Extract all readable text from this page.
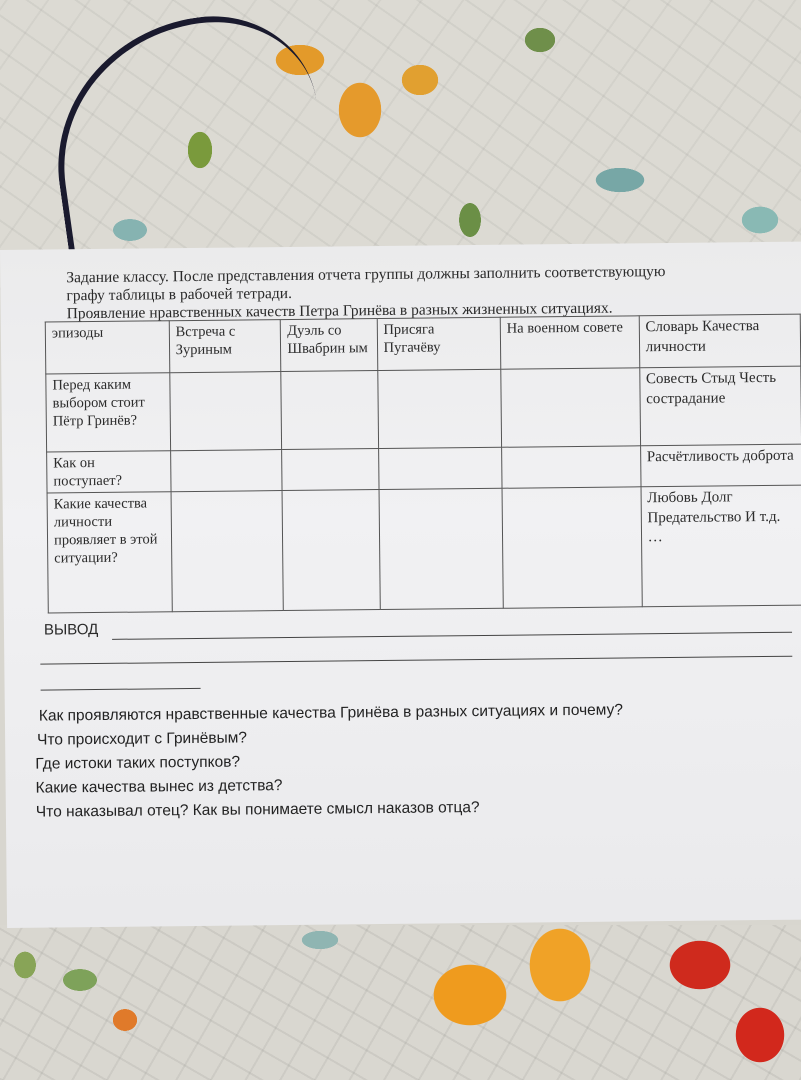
Задание классу. После представления отчета группы должны заполнить соответствующую
графу таблицы в рабочей тетради.
Проявление нравственных качеств Петра Гринёва в разных жизненных ситуациях.
эпизоды	Встреча с Зуриным	Дуэль со Швабрин ым	Присяга Пугачёву	На военном совете	Словарь Качества личности
Перед каким выбором стоит Пётр Гринёв?					Совесть Стыд Честь сострадание
Как он поступает?					Расчётливость доброта
Какие качества личности проявляет в этой ситуации?					Любовь Долг Предательство И т.д. …
ВЫВОД
Как проявляются нравственные качества Гринёва в разных ситуациях и почему?
Что происходит с Гринёвым?
Где истоки таких поступков?
Какие качества вынес из детства?
Что наказывал отец? Как вы понимаете смысл наказов отца?
